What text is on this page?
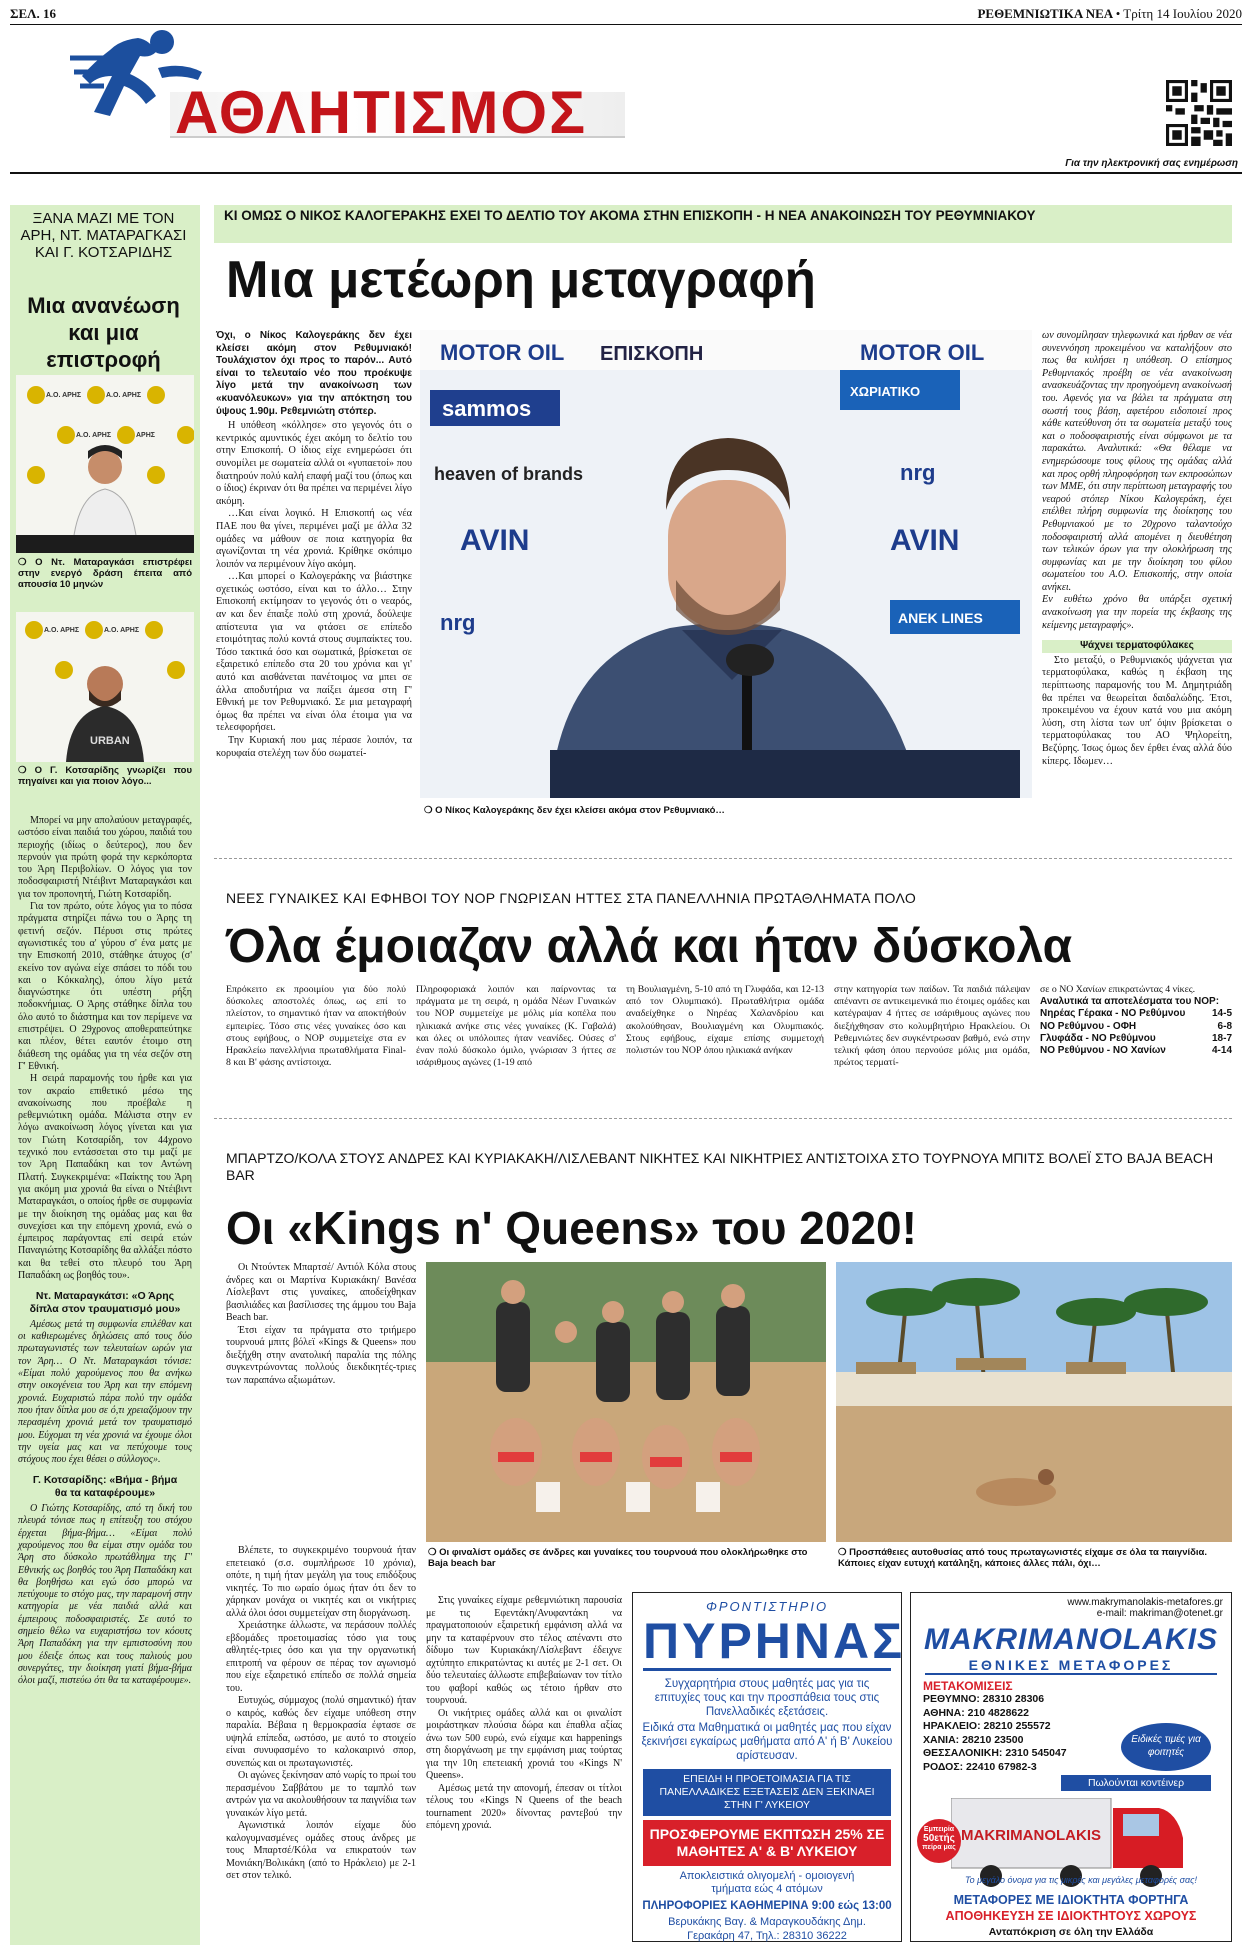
ΣΕΛ. 16	ΡΕΘΕΜΝΙΩΤΙΚΑ ΝΕΑ • Τρίτη 14 Ιουλίου 2020
ΑΘΛΗΤΙΣΜΟΣ
Για την ηλεκτρονική σας ενημέρωση
ΞΑΝΑ ΜΑΖΙ ΜΕ ΤΟΝ ΑΡΗ, ΝΤ. ΜΑΤΑΡΑΓΚΑΣΙ ΚΑΙ Γ. ΚΟΤΣΑΡΙΔΗΣ
Μια ανανέωση και μια επιστροφή
Α.Ο. ΑΡΗΣ	Α.Ο. ΑΡΗΣ
Α.Ο. ΑΡΗΣ	ΑΡΗΣ
❍ Ο Ντ. Ματαραγκάσι επιστρέφει στην ενεργό δράση έπειτα από απουσία 10 μηνών
Α.Ο. ΑΡΗΣ	Α.Ο. ΑΡΗΣ
URBAN
❍ Ο Γ. Κοτσαρίδης γνωρίζει που πηγαίνει και για ποιον λόγο...

Μπορεί να μην απολαύουν μεταγραφές, ωστόσο είναι παιδιά του χώρου, παιδιά του περιοχής (ιδίως ο δεύτερος), που δεν περνούν για πρώτη φορά την κερκόπορτα του Άρη Περιβολίων. Ο λόγος για τον ποδοσφαιριστή Ντέιβιντ Ματαραγκάσι και για τον προπονητή, Γιώτη Κοτσαρίδη.

Για τον πρώτο, ούτε λόγος για το πόσα πράγματα στηρίζει πάνω του ο Άρης τη φετινή σεζόν. Πέρυσι στις πρώτες αγωνιστικές του α' γύρου σ' ένα ματς με την Επισκοπή 2010, στάθηκε άτυχος (σ' εκείνο τον αγώνα είχε σπάσει το πόδι του και ο Κόκκαλης), όπου λίγο μετά διαγνώστηκε ότι υπέστη ρήξη ποδοκνήμιας. Ο Άρης στάθηκε δίπλα του όλο αυτό το διάστημα και τον περίμενε να επιστρέψει. Ο 29χρονος αποθεραπεύτηκε και πλέον, θέτει εαυτόν έτοιμο στη διάθεση της ομάδας για τη νέα σεζόν στη Γ' Εθνική.

Η σειρά παραμονής του ήρθε και για τον ακραίο επιθετικό μέσω της ανακοίνωσης που προέβαλε η ρεθεμνιώτικη ομάδα. Μάλιστα στην εν λόγω ανακοίνωση λόγος γίνεται και για τον Γιώτη Κοτσαρίδη, τον 44χρονο τεχνικό που εντάσσεται στο τιμ μαζί με τον Άρη Παπαδάκη και τον Αντώνη Πλατή. Συγκεκριμένα: «Παίκτης του Άρη για ακόμη μια χρονιά θα είναι ο Ντέιβιντ Ματαραγκάσι, ο οποίος ήρθε σε συμφωνία με την διοίκηση της ομάδας μας και θα συνεχίσει και την επόμενη χρονιά, ενώ ο έμπειρος παράγοντας επί σειρά ετών Παναγιώτης Κοτσαρίδης θα αλλάξει πόστο και θα τεθεί στο πλευρό του Άρη Παπαδάκη ως βοηθός του».

Ντ. Ματαραγκάτσι: «Ο Άρης δίπλα στον τραυματισμό μου»

Αμέσως μετά τη συμφωνία επιλέθαν και οι καθιερωμένες δηλώσεις από τους δύο πρωταγωνιστές των τελευταίων ωρών για τον Άρη… Ο Ντ. Ματαραγκάσι τόνισε: «Είμαι πολύ χαρούμενος που θα ανήκω στην οικογένεια του Άρη και την επόμενη χρονιά. Ευχαριστώ πάρα πολύ την ομάδα που ήταν δίπλα μου σε ό,τι χρειαζόμουν την περασμένη χρονιά μετά τον τραυματισμό μου. Εύχομαι τη νέα χρονιά να έχουμε όλοι την υγεία μας και να πετύχουμε τους στόχους που έχει θέσει ο σύλλογος».

Γ. Κοτσαρίδης: «Βήμα - βήμα θα τα καταφέρουμε»

Ο Γιώτης Κοτσαρίδης, από τη δική του πλευρά τόνισε πως η επίτευξη του στόχου έρχεται βήμα-βήμα… «Είμαι πολύ χαρούμενος που θα είμαι στην ομάδα του Άρη στο δύσκολο πρωτάθλημα της Γ' Εθνικής ως βοηθός του Άρη Παπαδάκη και θα βοηθήσω και εγώ όσο μπορώ να πετύχουμε το στόχο μας, την παραμονή στην κατηγορία με νέα παιδιά αλλά και έμπειρους ποδοσφαιριστές. Σε αυτό το σημείο θέλω να ευχαριστήσω τον κόουτς Άρη Παπαδάκη για την εμπιστοσύνη που μου έδειξε όπως και τους παλιούς μου συνεργάτες, την διοίκηση γιατί βήμα-βήμα όλοι μαζί, πιστεύω ότι θα τα καταφέρουμε».

ΚΙ ΟΜΩΣ Ο ΝΙΚΟΣ ΚΑΛΟΓΕΡΑΚΗΣ ΕΧΕΙ ΤΟ ΔΕΛΤΙΟ ΤΟΥ ΑΚΟΜΑ ΣΤΗΝ ΕΠΙΣΚΟΠΗ - Η ΝΕΑ ΑΝΑΚΟΙΝΩΣΗ ΤΟΥ ΡΕΘΥΜΝΙΑΚΟΥ
Μια μετέωρη μεταγραφή
Όχι, ο Νίκος Καλογεράκης δεν έχει κλείσει ακόμη στον Ρεθυμνιακό! Τουλάχιστον όχι προς το παρόν... Αυτό είναι το τελευταίο νέο που προέκυψε λίγο μετά την ανακοίνωση των «κυανόλευκων» για την απόκτηση του ύψους 1.90μ. Ρεθεμνιώτη στόπερ.

Η υπόθεση «κόλλησε» στο γεγονός ότι ο κεντρικός αμυντικός έχει ακόμη το δελτίο του στην Επισκοπή. Ο ίδιος είχε ενημερώσει ότι συνομίλει με σωματεία αλλά οι «γυπαετοί» που διατηρούν πολύ καλή επαφή μαζί του (όπως και ο ίδιος) έκριναν ότι θα πρέπει να περιμένει λίγο ακόμη.

…Και είναι λογικό. Η Επισκοπή ως νέα ΠΑΕ που θα γίνει, περιμένει μαζί με άλλα 32 ομάδες να μάθουν σε ποια κατηγορία θα αγωνίζονται τη νέα χρονιά. Κρίθηκε σκόπιμο λοιπόν να περιμένουν λίγο ακόμη.

…Και μπορεί ο Καλογεράκης να βιάστηκε σχετικώς ωστόσο, είναι και το άλλο… Στην Επισκοπή εκτίμησαν το γεγονός ότι ο νεαρός, αν και δεν έπαιξε πολύ στη χρονιά, δούλεψε απίστευτα για να φτάσει σε επίπεδο ετοιμότητας πολύ κοντά στους συμπαίκτες του. Τόσο τακτικά όσο και σωματικά, βρίσκεται σε εξαιρετικό επίπεδο στα 20 του χρόνια και γι' αυτό και αισθάνεται πανέτοιμος να μπει σε άλλα αποδυτήρια να παίξει άμεσα στη Γ' Εθνική με τον Ρεθυμνιακό. Σε μια μεταγραφή όμως θα πρέπει να είναι όλα έτοιμα για να τελεσφορήσει.

Την Κυριακή που μας πέρασε λοιπόν, τα κορυφαία στελέχη των δύο σωματεί-

MOTOR OIL ΕΠΙΣΚΟΠΗ	MOTOR OIL
sammos
heaven of brands
AVIN	AVIN
nrg
ΧΩΡΙΑΤΙΚΟ
ANEK LINES
nrg
❍ Ο Νίκος Καλογεράκης δεν έχει κλείσει ακόμα στον Ρεθυμνιακό…
ων συνομίλησαν τηλεφωνικά και ήρθαν σε νέα συνεννόηση προκειμένου να καταλήξουν στο πως θα κυλήσει η υπόθεση. Ο επίσημος Ρεθυμνιακός προέβη σε νέα ανακοίνωση ανασκευάζοντας την προηγούμενη ανακοίνωσή του. Αφενός για να βάλει τα πράγματα στη σωστή τους βάση, αφετέρου ειδοποιεί προς κάθε κατεύθυνση ότι τα σωματεία μεταξύ τους και ο ποδοσφαιριστής είναι σύμφωνοι με τα παρακάτω. Αναλυτικά: «Θα θέλαμε να ενημερώσουμε τους φίλους της ομάδας αλλά και προς ορθή πληροφόρηση των εκπροσώπων των ΜΜΕ, ότι στην περίπτωση μεταγραφής του νεαρού στόπερ Νίκου Καλογεράκη, έχει επέλθει πλήρη συμφωνία της διοίκησης του Ρεθυμνιακού με το 20χρονο ταλαντούχο ποδοσφαιριστή αλλά απομένει η διευθέτηση των τελικών όρων για την ολοκλήρωση της συμφωνίας και με την διοίκηση του φίλου σωματείου του Α.Ο. Επισκοπής, στην οποία ανήκει.
Εν ευθέτω χρόνο θα υπάρξει σχετική ανακοίνωση για την πορεία της έκβασης της κείμενης μεταγραφής».
Ψάχνει τερματοφύλακες

Στο μεταξύ, ο Ρεθυμνιακός ψάχνεται για τερματοφύλακα, καθώς η έκβαση της περίπτωσης παραμονής του Μ. Δημητριάδη θα πρέπει να θεωρείται δαιδαλώδης. Έτσι, προκειμένου να έχουν κατά νου μια ακόμη λύση, στη λίστα των υπ' όψιν βρίσκεται ο τερματοφύλακας του ΑΟ Ψηλορείτη, Βεζύρης. Ίσως όμως δεν έρθει ένας αλλά δύο κίπερς. Ιδωμεν…

ΝΕΕΣ ΓΥΝΑΙΚΕΣ ΚΑΙ ΕΦΗΒΟΙ ΤΟΥ ΝΟΡ ΓΝΩΡΙΣΑΝ ΗΤΤΕΣ ΣΤΑ ΠΑΝΕΛΛΗΝΙΑ ΠΡΩΤΑΘΛΗΜΑΤΑ ΠΟΛΟ
Όλα έμοιαζαν αλλά και ήταν δύσκολα
Επρόκειτο εκ προοιμίου για δύο πολύ δύσκολες αποστολές όπως, ως επί το πλείστον, το σημαντικό ήταν να αποκτήθούν εμπειρίες. Τόσο στις νέες γυναίκες όσο και στους εφήβους, ο ΝΟΡ συμμετείχε στα εν Ηρακλείω πανελλήνια πρωταθλήματα Final-8 και Β' φάσης αντίστοιχα.
Πληροφοριακά λοιπόν και παίρνοντας τα πράγματα με τη σειρά, η ομάδα Νέων Γυναικών του ΝΟΡ συμμετείχε με μόλις μία κοπέλα που ηλικιακά ανήκε στις νέες γυναίκες (Κ. Γαβαλά) και όλες οι υπόλοιπες ήταν νεανίδες. Ούσες σ' έναν πολύ δύσκολο όμιλο, γνώρισαν 3 ήττες σε ισάριθμους αγώνες (1-19 από
τη Βουλιαγμένη, 5-10 από τη Γλυφάδα, και 12-13 από τον Ολυμπιακό). Πρωταθλήτρια ομάδα αναδείχθηκε ο Νηρέας Χαλανδρίου και ακολούθησαν, Βουλιαγμένη και Ολυμπιακός. Στους εφήβους, είχαμε επίσης συμμετοχή πολιστών του ΝΟΡ όπου ηλικιακά ανήκαν
στην κατηγορία των παίδων. Τα παιδιά πάλεψαν απέναντι σε αντικειμενικά πιο έτοιμες ομάδες και κατέγραψαν 4 ήττες σε ισάριθμους αγώνες που διεξήχθησαν στο κολυμβητήριο Ηρακλείου. Οι Ρεθεμνιώτες δεν συγκέντρωσαν βαθμό, ενώ στην τελική φάση όπου περνούσε μόλις μια ομάδα, πρώτος τερματί-
σε ο ΝΟ Χανίων επικρατώντας 4 νίκες.
Αναλυτικά τα αποτελέσματα του ΝΟΡ:
Νηρέας Γέρακα - ΝΟ Ρεθύμνου	14-5
ΝΟ Ρεθύμνου - ΟΦΗ	6-8
Γλυφάδα - ΝΟ Ρεθύμνου	18-7
ΝΟ Ρεθύμνου - ΝΟ Χανίων	4-14
ΜΠΑΡΤΖΟ/ΚΟΛΑ ΣΤΟΥΣ ΑΝΔΡΕΣ ΚΑΙ ΚΥΡΙΑΚΑΚΗ/ΛΙΣΛΕΒΑΝΤ ΝΙΚΗΤΕΣ ΚΑΙ ΝΙΚΗΤΡΙΕΣ ΑΝΤΙΣΤΟΙΧΑ ΣΤΟ ΤΟΥΡΝΟΥΑ ΜΠΙΤΣ ΒΟΛΕΪ ΣΤΟ BAJA BEACH BAR
Οι «Kings n' Queens» του 2020!

Οι Ντούντεκ Μπαρτσέ/ Αντιόλ Κόλα στους άνδρες και οι Μαρτίνα Κυριακάκη/ Βανέσα Λίσλεβαντ στις γυναίκες, αποδείχθηκαν βασιλιάδες και βασίλισσες της άμμου του Baja Beach bar.

Έτσι είχαν τα πράγματα στο τριήμερο τουρνουά μπιτς βόλεϊ «Kings & Queens» που διεξήχθη στην ανατολική παραλία της πόλης συγκεντρώνοντας πολλούς διεκδικητές-τριες των παραπάνω αξιωμάτων.

Βλέπετε, το συγκεκριμένο τουρνουά ήταν επετειακό (σ.σ. συμπλήρωσε 10 χρόνια), οπότε, η τιμή ήταν μεγάλη για τους επιδόξους νικητές. Το πιο ωραίο όμως ήταν ότι δεν το χάρηκαν μονάχα οι νικητές και οι νικήτριες αλλά όλοι όσοι συμμετείχαν στη διοργάνωση.

Χρειάστηκε άλλωστε, να περάσουν πολλές εβδομάδες προετοιμασίας τόσο για τους αθλητές-τριες όσο και για την οργανωτική επιτροπή να φέρουν σε πέρας τον αγωνισμό που είχε εξαιρετικό επίπεδο σε πολλά σημεία του.

Ευτυχώς, σύμμαχος (πολύ σημαντικό) ήταν ο καιρός, καθώς δεν είχαμε υπόθεση στην παραλία. Βέβαια η θερμοκρασία έφτασε σε υψηλά επίπεδα, ωστόσο, με αυτό το στοιχείο είναι συνυφασμένο το καλοκαιρινό σπορ, συνεπώς και οι πρωταγωνιστές.

Οι αγώνες ξεκίνησαν από νωρίς το πρωί του περασμένου Σαββάτου με το ταμπλό των αντρών για να ακολουθήσουν τα παιγνίδια των γυναικών λίγο μετά.

Αγωνιστικά λοιπόν είχαμε δύο καλογυμνασμένες ομάδες στους άνδρες με τους Μπαρτσέ/Κόλα να επικρατούν των Μονιάκη/Βολικάκη (από το Ηράκλειο) με 2-1 σετ στον τελικό.

❍ Οι φιναλίστ ομάδες σε άνδρες και γυναίκες του τουρνουά που ολοκλήρωθηκε στο Baja beach bar
❍ Προσπάθειες αυτοθυσίας από τους πρωταγωνιστές είχαμε σε όλα τα παιγνίδια. Κάποιες είχαν ευτυχή κατάληξη, κάποιες άλλες πάλι, όχι…

Στις γυναίκες είχαμε ρεθεμνιώτικη παρουσία με τις Εφεντάκη/Ανυφαντάκη να πραγματοποιούν εξαιρετική εμφάνιση αλλά να μην τα καταφέρνουν στο τέλος απέναντι στο δίδυμο των Κυριακάκη/Λίσλεβαντ έδειχνε αχτύπητο επικρατώντας κι αυτές με 2-1 σετ. Οι δύο τελευταίες άλλωστε επιβεβαίωναν τον τίτλο του φαβορί καθώς ως τέτοιο ήρθαν στο τουρνουά.

Οι νικήτριες ομάδες αλλά και οι φιναλίστ μοιράστηκαν πλούσια δώρα και έπαθλα αξίας άνω των 500 ευρώ, ενώ είχαμε και happenings στη διοργάνωση με την εμφάνιση μιας τούρτας για την 10η επετειακή χρονιά του «Kings N' Queens».

Αμέσως μετά την απονομή, έπεσαν οι τίτλοι τέλους του «Kings N Queens of the beach tournament 2020» δίνοντας ραντεβού την επόμενη χρονιά.

ΦΡΟΝΤΙΣΤΗΡΙΟ
ΠΥΡΗΝΑΣ
Συγχαρητήρια στους μαθητές μας για τις επιτυχίες τους και την προσπάθεια τους στις Πανελλαδικές εξετάσεις.
Ειδικά στα Μαθηματικά οι μαθητές μας που είχαν ξεκινήσει εγκαίρως μαθήματα από Α' ή Β' Λυκείου αρίστευσαν.
ΕΠΕΙΔΗ Η ΠΡΟΕΤΟΙΜΑΣΙΑ ΓΙΑ ΤΙΣ ΠΑΝΕΛΛΑΔΙΚΕΣ ΕΞΕΤΑΣΕΙΣ ΔΕΝ ΞΕΚΙΝΑΕΙ ΣΤΗΝ Γ' ΛΥΚΕΙΟΥ
ΠΡΟΣΦΕΡΟΥΜΕ ΕΚΠΤΩΣΗ 25% ΣΕ ΜΑΘΗΤΕΣ Α' & Β' ΛΥΚΕΙΟΥ
Αποκλειστικά ολιγομελή - ομοιογενή τμήματα εώς 4 ατόμων
ΠΛΗΡΟΦΟΡΙΕΣ ΚΑΘΗΜΕΡΙΝΑ 9:00 εώς 13:00
Βερυκάκης Βαγ. & Μαραγκουδάκης Δημ.
Γερακάρη 47, Τηλ.: 28310 36222
www.makrymanolakis-metafores.gr
e-mail: makriman@otenet.gr
MAKRIMANOLAKIS
ΕΘΝΙΚΕΣ ΜΕΤΑΦΟΡΕΣ
ΜΕΤΑΚΟΜΙΣΕΙΣ
ΡΕΘΥΜΝΟ: 28310 28306
ΑΘΗΝΑ: 210 4828622
ΗΡΑΚΛΕΙΟ: 28210 255572
ΧΑΝΙΑ: 28210 23500
ΘΕΣΣΑΛΟΝΙΚΗ: 2310 545047
ΡΟΔΟΣ: 22410 67982-3
Ειδικές τιμές για φοιτητές
Πωλούνται κοντέινερ
MAKRIMANOLAKIS
Εμπειρία
50ετής
πείρα μας
Το μεγάλο όνομα για τις μικρές και μεγάλες μεταφορές σας!
ΜΕΤΑΦΟΡΕΣ ΜΕ ΙΔΙΟΚΤΗΤΑ ΦΟΡΤΗΓΑ
ΑΠΟΘΗΚΕΥΣΗ ΣΕ ΙΔΙΟΚΤΗΤΟΥΣ ΧΩΡΟΥΣ
Ανταπόκριση σε όλη την Ελλάδα
